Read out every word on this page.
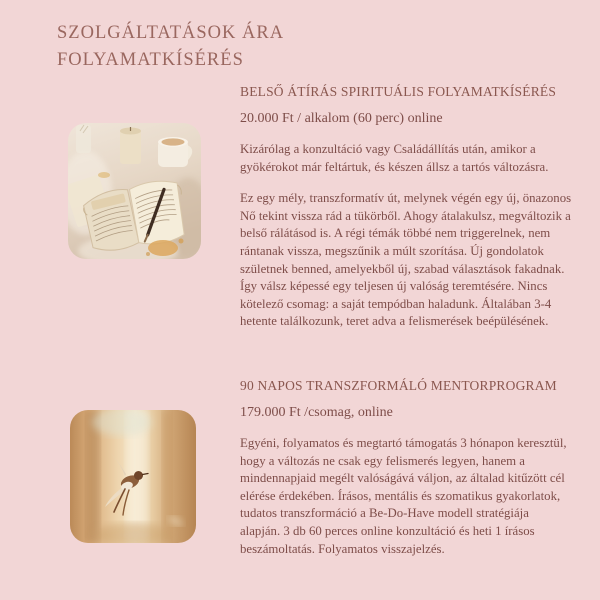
SZOLGÁLTATÁSOK ÁRA
FOLYAMATKÍSÉRÉS
BELSŐ ÁTÍRÁS SPIRITUÁLIS FOLYAMATKÍSÉRÉS
20.000 Ft / alkalom (60 perc) online

Kizárólag a konzultáció vagy Családállítás után, amikor a gyökérokot már feltártuk, és készen állsz a tartós változásra.

Ez egy mély, transzformatív út, melynek végén egy új, önazonos Nő tekint vissza rád a tükörből. Ahogy átalakulsz, megváltozik a belső rálátásod is. A régi témák többé nem triggerelnek, nem rántanak vissza, megszűnik a múlt szorítása. Új gondolatok születnek benned, amelyekből új, szabad választások fakadnak. Így válsz képessé egy teljesen új valóság teremtésére. Nincs kötelező csomag: a saját tempódban haladunk. Általában 3-4 hetente találkozunk, teret adva a felismerések beépülésének.

90 NAPOS TRANSZFORMÁLÓ MENTORPROGRAM
179.000 Ft /csomag, online

Egyéni, folyamatos és megtartó támogatás 3 hónapon keresztül, hogy a változás ne csak egy felismerés legyen, hanem a mindennapjaid megélt valóságává váljon, az általad kitűzött cél elérése érdekében. Írásos, mentális és szomatikus gyakorlatok, tudatos transzformáció a Be-Do-Have modell stratégiája alapján. 3 db 60 perces online konzultáció és heti 1 írásos beszámoltatás. Folyamatos visszajelzés.
